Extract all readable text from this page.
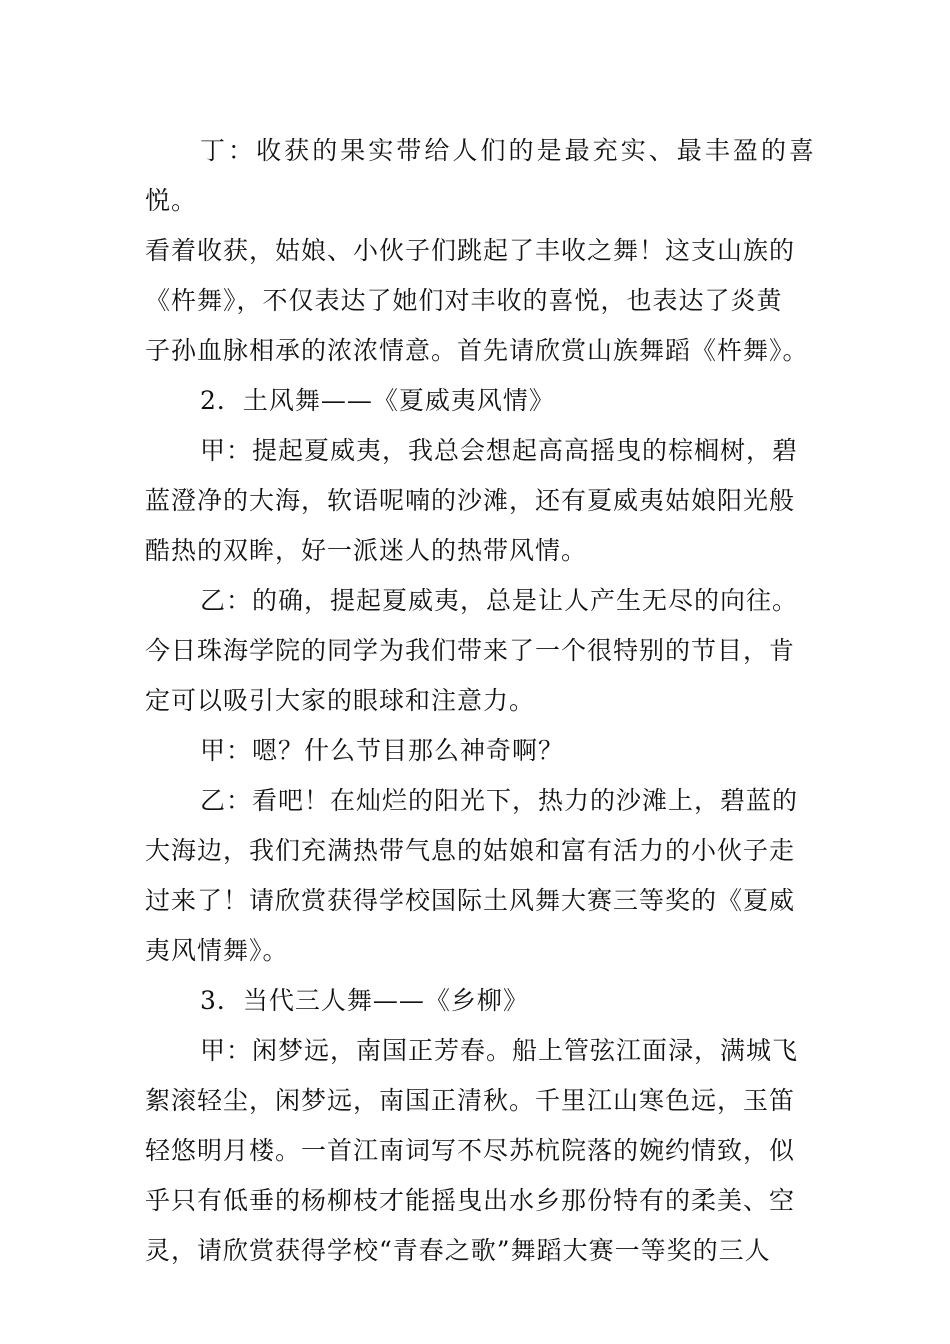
丁：收获的果实带给人们的是最充实、最丰盈的喜悦。
看着收获，姑娘、小伙子们跳起了丰收之舞！这支山族的
《杵舞》，不仅表达了她们对丰收的喜悦，也表达了炎黄
子孙血脉相承的浓浓情意。首先请欣赏山族舞蹈《杵舞》。

2．土风舞——《夏威夷风情》

甲：提起夏威夷，我总会想起高高摇曳的棕榈树，碧
蓝澄净的大海，软语呢喃的沙滩，还有夏威夷姑娘阳光般
酷热的双眸，好一派迷人的热带风情。

乙：的确，提起夏威夷，总是让人产生无尽的向往。
今日珠海学院的同学为我们带来了一个很特别的节目，肯
定可以吸引大家的眼球和注意力。

甲：嗯？什么节目那么神奇啊？

乙：看吧！在灿烂的阳光下，热力的沙滩上，碧蓝的
大海边，我们充满热带气息的姑娘和富有活力的小伙子走
过来了！请欣赏获得学校国际土风舞大赛三等奖的《夏威
夷风情舞》。

3．当代三人舞——《乡柳》

甲：闲梦远，南国正芳春。船上管弦江面渌，满城飞
絮滚轻尘，闲梦远，南国正清秋。千里江山寒色远，玉笛
轻悠明月楼。一首江南词写不尽苏杭院落的婉约情致，似
乎只有低垂的杨柳枝才能摇曳出水乡那份特有的柔美、空
灵，请欣赏获得学校“青春之歌”舞蹈大赛一等奖的三人
